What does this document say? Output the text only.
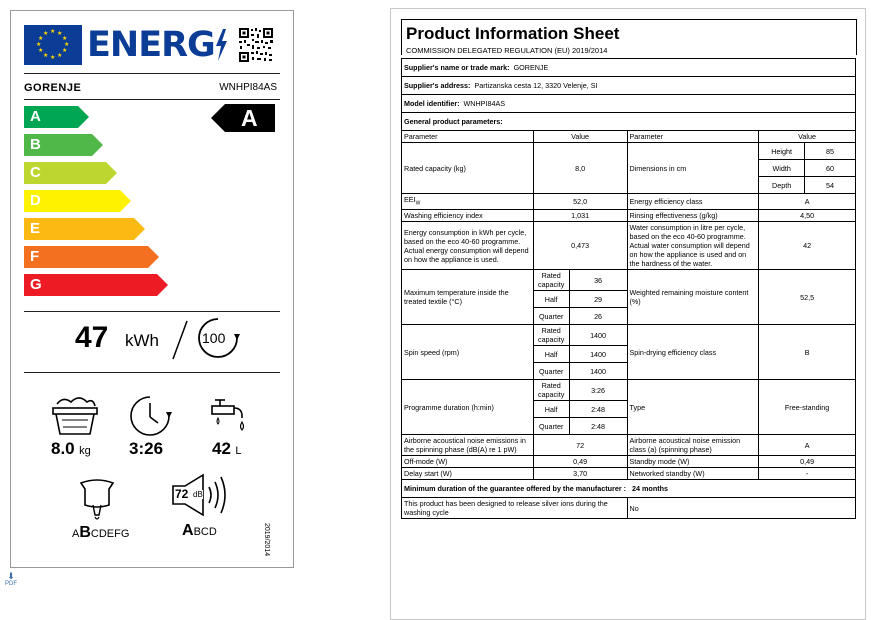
★ ★
★
★
★
★
★
★
★
★
★
★ ENERG
GORENJE	WNHPI84AS
A
B
C
D
E
F
G
A
47 kWh	100
8.0 kg 3:26	42 L
ABCDEFG
72 dB
ABCD	2019/2014
⬇
PDF
Product Information Sheet
COMMISSION DELEGATED REGULATION (EU) 2019/2014
Supplier's name or trade mark: GORENJE					
Supplier's address: Partizanska cesta 12, 3320 Velenje, SI					
Model identifier: WNHPI84AS					
General product parameters:					
Parameter	Value		Parameter	Value	
Rated capacity (kg)	8,0		Dimensions in cm	Height	85
				Width	60
				Depth	54
$EEI_W$	52,0		Energy efficiency class	A	
Washing efficiency index	1,031		Rinsing effectiveness (g/kg)	4,50	
Energy consumption in kWh per cycle, based on the eco 40-60 programme. Actual energy consumption will depend on how the appliance is used.	0,473		Water consumption in litre per cycle, based on the eco 40-60 programme. Actual water consumption will depend on how the appliance is used and on the hardness of the water.	42	
Maximum temperature inside the treated textile (°C)	Rated capacity	36	Weighted remaining moisture content (%)	52,5	
	Half	29			
	Quarter	26			
Spin speed (rpm)	Rated capacity	1400	Spin-drying efficiency class	B	
	Half	1400			
	Quarter	1400			
Programme duration (h:min)	Rated capacity	3:26	Type	Free-standing	
	Half	2:48			
	Quarter	2:48			
Airborne acoustical noise emissions in the spinning phase (dB(A) re 1 pW)	72		Airborne acoustical noise emission class (a) (spinning phase)	A	
Off-mode (W)	0,49		Standby mode (W)	0,49	
Delay start (W)	3,70		Networked standby (W)	-	
Minimum duration of the guarantee offered by the manufacturer : 24 months					
This product has been designed to release silver ions during the washing cycle			No		
